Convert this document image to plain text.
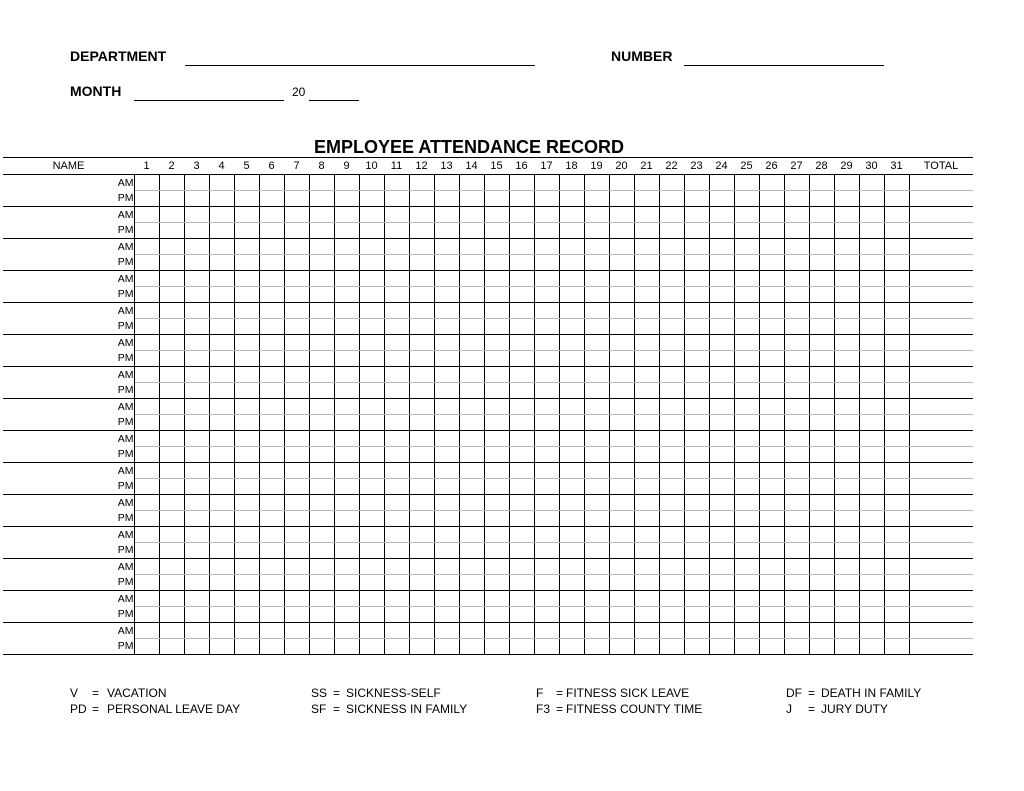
DEPARTMENT	NUMBER
MONTH	20
EMPLOYEE ATTENDANCE RECORD
NAME	1	2	3	4	5	6	7	8	9	10	11	12	13	14	15	16	17	18	19	20	21	22	23	24	25	26	27	28	29	30	31	TOTAL
AM																																
PM																																
AM																																
PM																																
AM																																
PM																																
AM																																
PM																																
AM																																
PM																																
AM																																
PM																																
AM																																
PM																																
AM																																
PM																																
AM																																
PM																																
AM																																
PM																																
AM																																
PM																																
AM																																
PM																																
AM																																
PM																																
AM																																
PM																																
AM																																
PM																																
V = VACATION
PD = PERSONAL LEAVE DAY
SS = SICKNESS-SELF
SF = SICKNESS IN FAMILY
F = FITNESS SICK LEAVE
F3 = FITNESS COUNTY TIME
DF = DEATH IN FAMILY
J = JURY DUTY
